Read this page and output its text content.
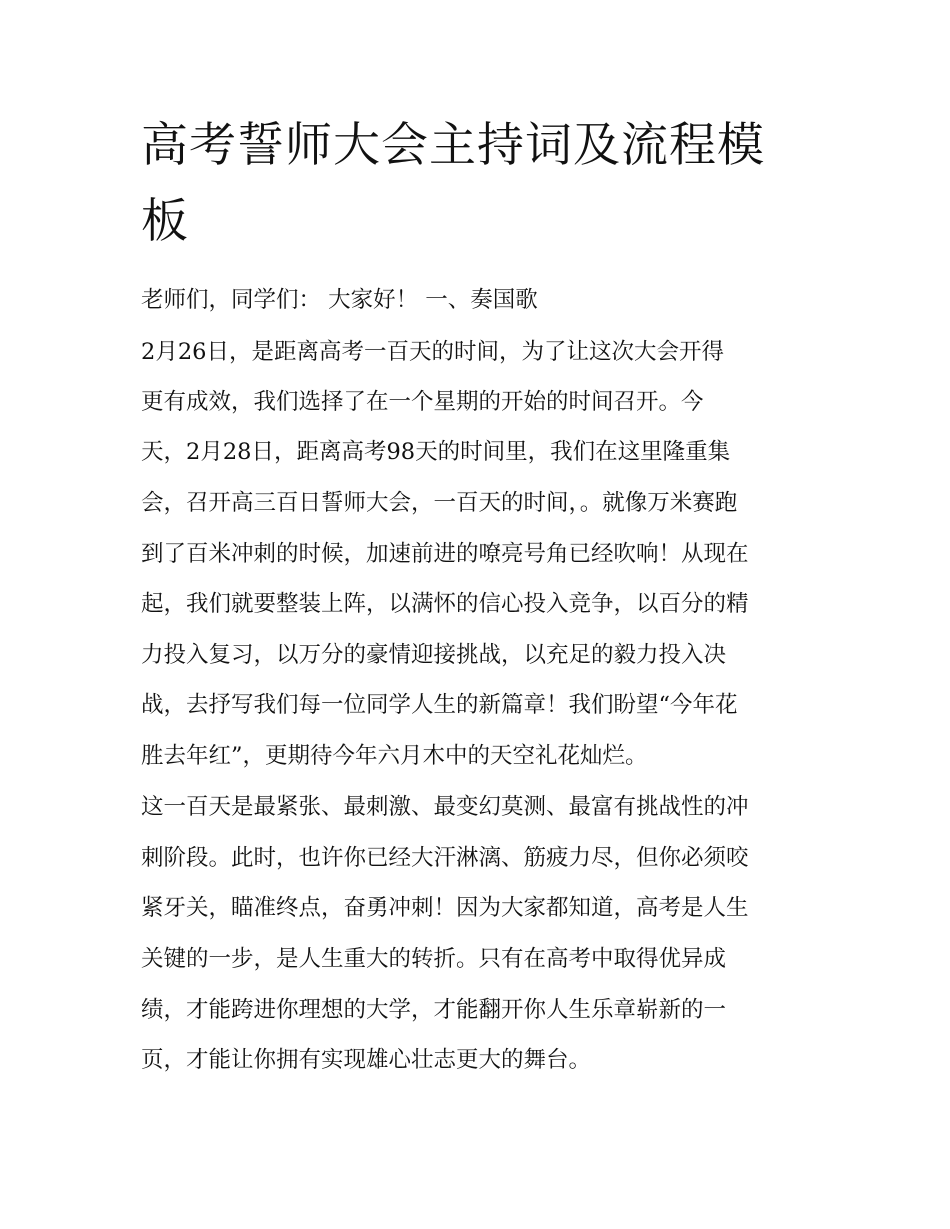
高考誓师大会主持词及流程模
板

老师们，同学们： 大家好！ 一、奏国歌

2月26日，是距离高考一百天的时间，为了让这次大会开得

更有成效，我们选择了在一个星期的开始的时间召开。今

天，2月28日，距离高考98天的时间里，我们在这里隆重集

会，召开高三百日誓师大会，一百天的时间，。就像万米赛跑

到了百米冲刺的时候，加速前进的嘹亮号角已经吹响！从现在

起，我们就要整装上阵，以满怀的信心投入竞争，以百分的精

力投入复习，以万分的豪情迎接挑战，以充足的毅力投入决

战，去抒写我们每一位同学人生的新篇章！我们盼望“今年花

胜去年红”，更期待今年六月木中的天空礼花灿烂。

这一百天是最紧张、最刺激、最变幻莫测、最富有挑战性的冲

刺阶段。此时，也许你已经大汗淋漓、筋疲力尽，但你必须咬

紧牙关，瞄准终点，奋勇冲刺！因为大家都知道，高考是人生

关键的一步，是人生重大的转折。只有在高考中取得优异成

绩，才能跨进你理想的大学，才能翻开你人生乐章崭新的一

页，才能让你拥有实现雄心壮志更大的舞台。
